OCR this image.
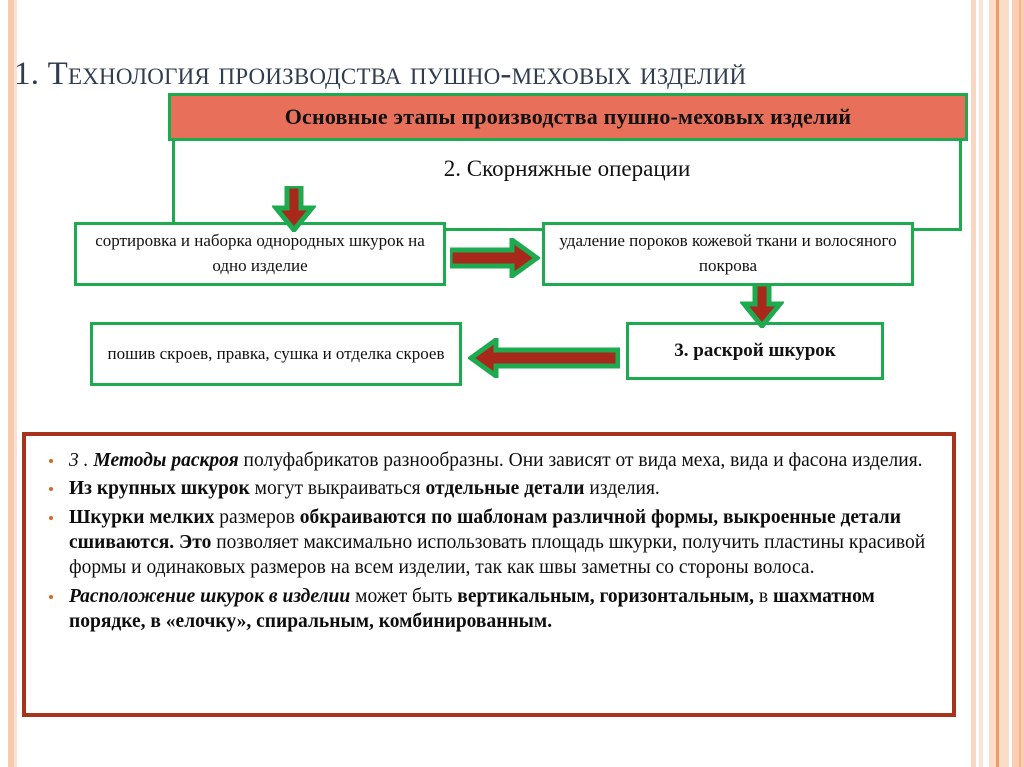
1. Технология производства пушно-меховых изделий
2. Скорняжные операции
Основные этапы производства пушно-меховых изделий
сортировка и наборка однородных шкурок на одно изделие
удаление пороков кожевой ткани и волосяного покрова
пошив скроев, правка, сушка и отделка скроев	3. раскрой шкурок
3 . Методы раскроя полуфабрикатов разнообразны. Они зависят от вида меха, вида и фасона изделия.
Из крупных шкурок могут выкраиваться отдельные детали изделия.
Шкурки мелких размеров обкраиваются по шаблонам различной формы, выкроенные детали сшиваются. Это позволяет максимально использовать площадь шкурки, получить пластины красивой формы и одинаковых размеров на всем изделии, так как швы заметны со стороны волоса.
Расположение шкурок в изделии может быть вертикальным, горизонтальным, в шахматном порядке, в «елочку», спиральным, комбинированным.
